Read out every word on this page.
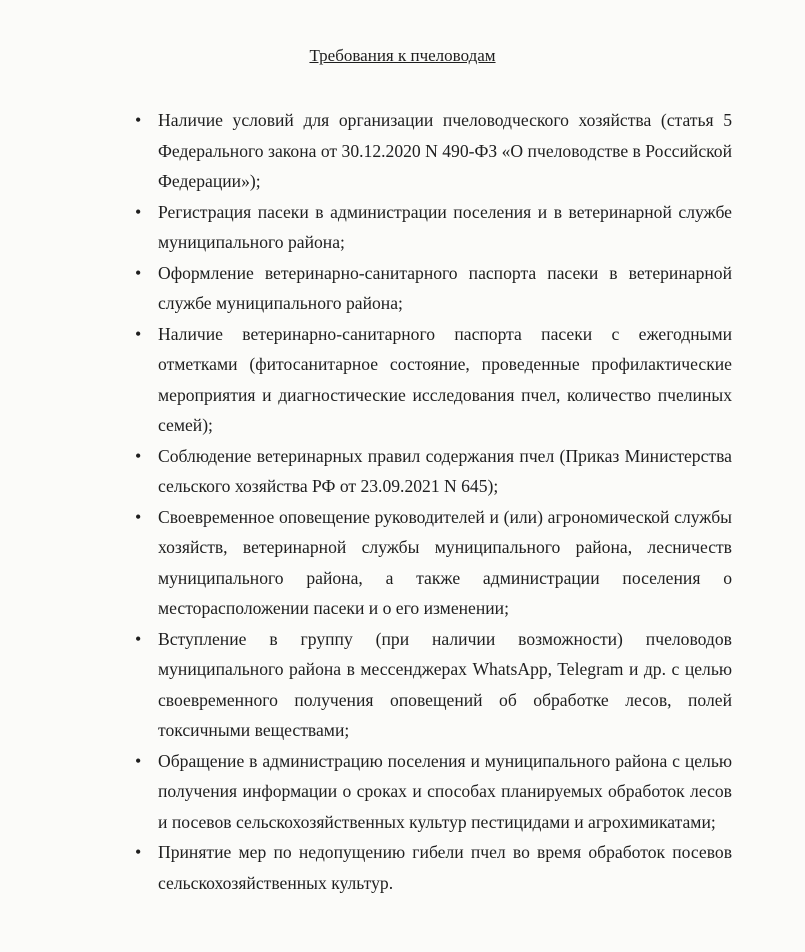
Требования к пчеловодам
• Наличие условий для организации пчеловодческого хозяйства (статья 5 Федерального закона от 30.12.2020 N 490-ФЗ «О пчеловодстве в Российской Федерации»);
• Регистрация пасеки в администрации поселения и в ветеринарной службе муниципального района;
• Оформление ветеринарно-санитарного паспорта пасеки в ветеринарной службе муниципального района;
• Наличие ветеринарно-санитарного паспорта пасеки с ежегодными отметками (фитосанитарное состояние, проведенные профилактические мероприятия и диагностические исследования пчел, количество пчелиных семей);
• Соблюдение ветеринарных правил содержания пчел (Приказ Министерства сельского хозяйства РФ от 23.09.2021 N 645);
• Своевременное оповещение руководителей и (или) агрономической службы хозяйств, ветеринарной службы муниципального района, лесничеств муниципального района, а также администрации поселения о месторасположении пасеки и о его изменении;
• Вступление в группу (при наличии возможности) пчеловодов муниципального района в мессенджерах WhatsApp, Telegram и др. с целью своевременного получения оповещений об обработке лесов, полей токсичными веществами;
• Обращение в администрацию поселения и муниципального района с целью получения информации о сроках и способах планируемых обработок лесов и посевов сельскохозяйственных культур пестицидами и агрохимикатами;
• Принятие мер по недопущению гибели пчел во время обработок посевов сельскохозяйственных культур.
